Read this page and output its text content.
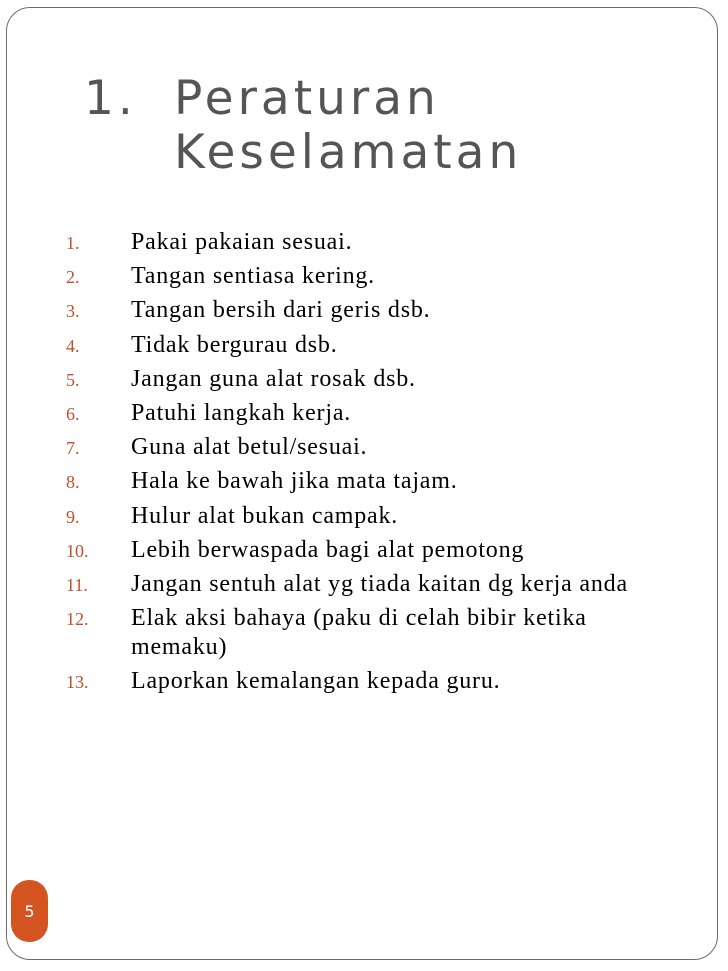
1. Peraturan
Keselamatan
1.	Pakai pakaian sesuai.
2.	Tangan sentiasa kering.
3.	Tangan bersih dari geris dsb.
4.	Tidak bergurau dsb.
5.	Jangan guna alat rosak dsb.
6.	Patuhi langkah kerja.
7.	Guna alat betul/sesuai.
8.	Hala ke bawah jika mata tajam.
9.	Hulur alat bukan campak.
10.	Lebih berwaspada bagi alat pemotong
11.	Jangan sentuh alat yg tiada kaitan dg kerja anda
12.	Elak aksi bahaya (paku di celah bibir ketika memaku)
13.	Laporkan kemalangan kepada guru.
5
